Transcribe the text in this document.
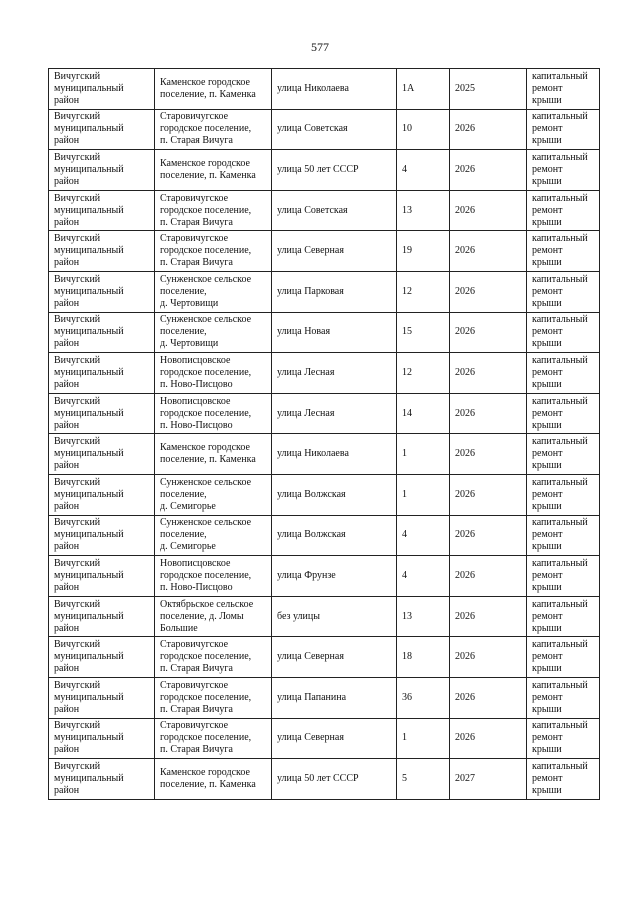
577
Вичугский
муниципальный
район	Каменское городское
поселение, п. Каменка	улица Николаева	1А	2025	капитальный
ремонт крыши
Вичугский
муниципальный
район	Старовичугское
городское поселение,
п. Старая Вичуга	улица Советская	10	2026	капитальный
ремонт крыши
Вичугский
муниципальный
район	Каменское городское
поселение, п. Каменка	улица 50 лет СССР	4	2026	капитальный
ремонт крыши
Вичугский
муниципальный
район	Старовичугское
городское поселение,
п. Старая Вичуга	улица Советская	13	2026	капитальный
ремонт крыши
Вичугский
муниципальный
район	Старовичугское
городское поселение,
п. Старая Вичуга	улица Северная	19	2026	капитальный
ремонт крыши
Вичугский
муниципальный
район	Сунженское сельское
поселение,
д. Чертовищи	улица Парковая	12	2026	капитальный
ремонт крыши
Вичугский
муниципальный
район	Сунженское сельское
поселение,
д. Чертовищи	улица Новая	15	2026	капитальный
ремонт крыши
Вичугский
муниципальный
район	Новописцовское
городское поселение,
п. Ново-Писцово	улица Лесная	12	2026	капитальный
ремонт крыши
Вичугский
муниципальный
район	Новописцовское
городское поселение,
п. Ново-Писцово	улица Лесная	14	2026	капитальный
ремонт крыши
Вичугский
муниципальный
район	Каменское городское
поселение, п. Каменка	улица Николаева	1	2026	капитальный
ремонт крыши
Вичугский
муниципальный
район	Сунженское сельское
поселение,
д. Семигорье	улица Волжская	1	2026	капитальный
ремонт крыши
Вичугский
муниципальный
район	Сунженское сельское
поселение,
д. Семигорье	улица Волжская	4	2026	капитальный
ремонт крыши
Вичугский
муниципальный
район	Новописцовское
городское поселение,
п. Ново-Писцово	улица Фрунзе	4	2026	капитальный
ремонт крыши
Вичугский
муниципальный
район	Октябрьское сельское
поселение, д. Ломы
Большие	без улицы	13	2026	капитальный
ремонт крыши
Вичугский
муниципальный
район	Старовичугское
городское поселение,
п. Старая Вичуга	улица Северная	18	2026	капитальный
ремонт крыши
Вичугский
муниципальный
район	Старовичугское
городское поселение,
п. Старая Вичуга	улица Папанина	36	2026	капитальный
ремонт крыши
Вичугский
муниципальный
район	Старовичугское
городское поселение,
п. Старая Вичуга	улица Северная	1	2026	капитальный
ремонт крыши
Вичугский
муниципальный
район	Каменское городское
поселение, п. Каменка	улица 50 лет СССР	5	2027	капитальный
ремонт крыши
